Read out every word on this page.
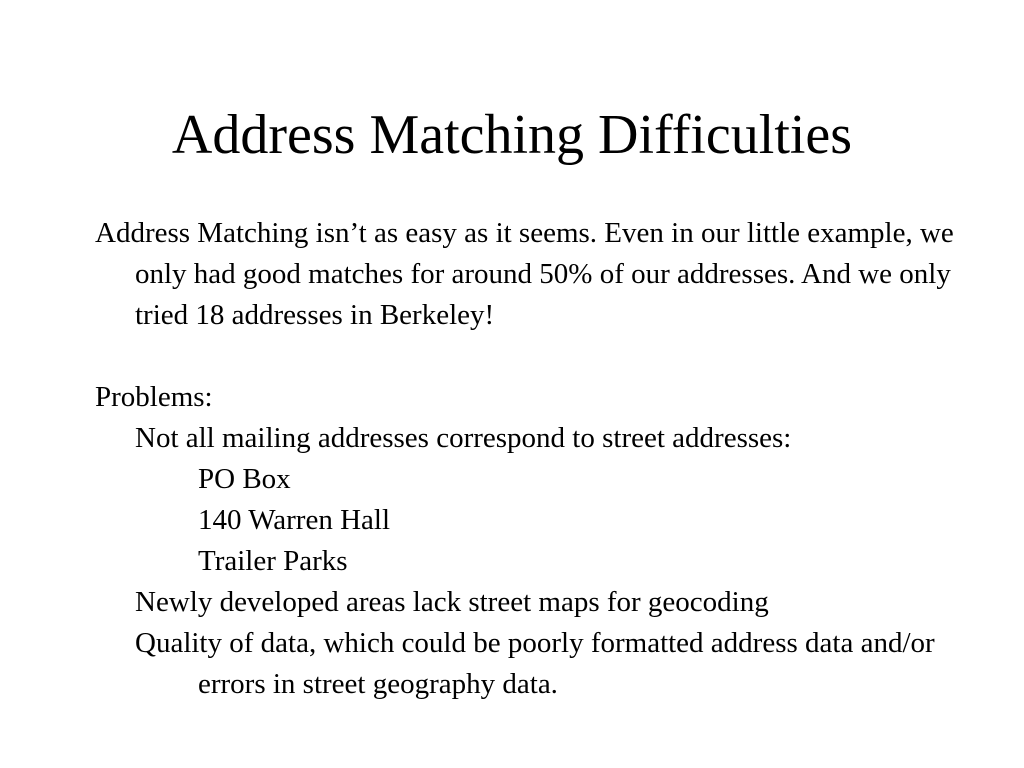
Address Matching Difficulties

Address Matching isn’t as easy as it seems. Even in our little example, we only had good matches for around 50% of our addresses. And we only tried 18 addresses in Berkeley!

Problems:

Not all mailing addresses correspond to street addresses:

PO Box

140 Warren Hall

Trailer Parks

Newly developed areas lack street maps for geocoding

Quality of data, which could be poorly formatted address data and/or errors in street geography data.
